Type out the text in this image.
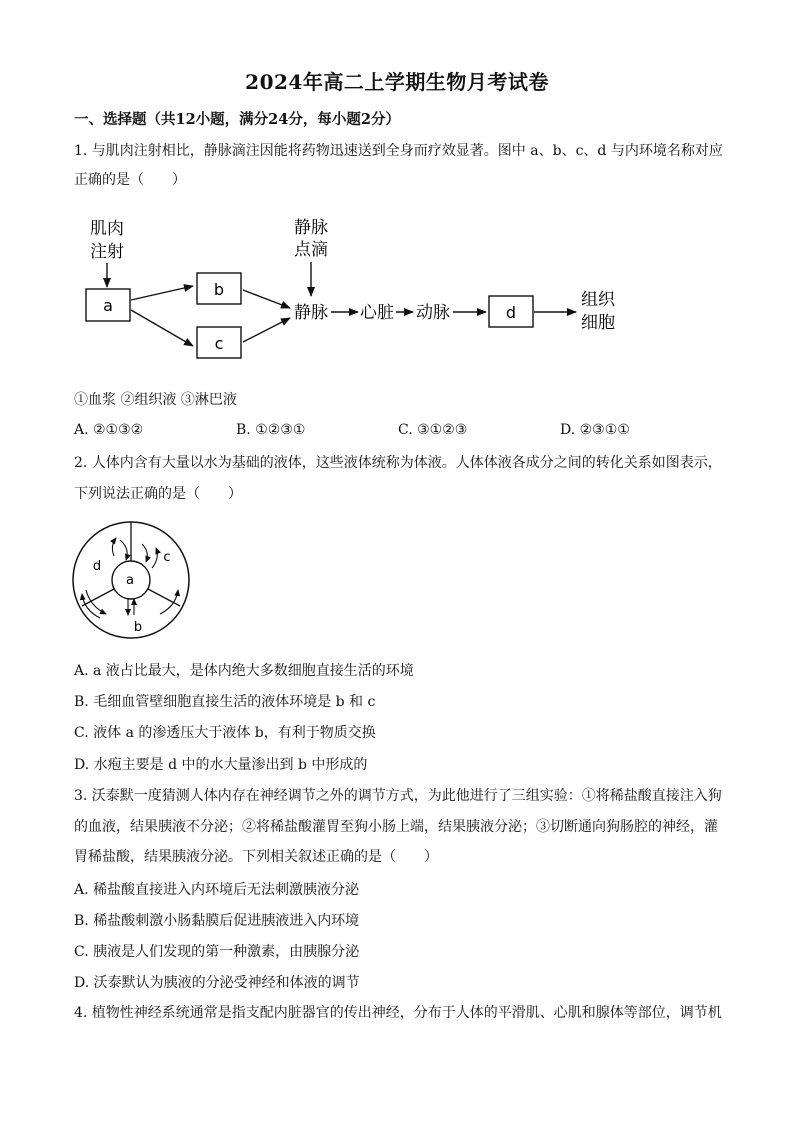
2024年高二上学期生物月考试卷
一、选择题（共12小题，满分24分，每小题2分）
1. 与肌肉注射相比，静脉滴注因能将药物迅速送到全身而疗效显著。图中 a、b、c、d 与内环境名称对应
正确的是（　　）
肌肉
注射
a
b
c
静脉
点滴
静脉 心脏 动脉	d
组织
细胞
①血浆 ②组织液 ③淋巴液
A. ②①③②	B. ①②③①	C. ③①②③	D. ②③①①
2. 人体内含有大量以水为基础的液体，这些液体统称为体液。人体体液各成分之间的转化关系如图表示，
下列说法正确的是（　　）
a
b
c
d
A. a 液占比最大，是体内绝大多数细胞直接生活的环境
B. 毛细血管壁细胞直接生活的液体环境是 b 和 c
C. 液体 a 的渗透压大于液体 b，有利于物质交换
D. 水疱主要是 d 中的水大量渗出到 b 中形成的
3. 沃泰默一度猜测人体内存在神经调节之外的调节方式，为此他进行了三组实验：①将稀盐酸直接注入狗
的血液，结果胰液不分泌；②将稀盐酸灌胃至狗小肠上端，结果胰液分泌；③切断通向狗肠腔的神经，灌
胃稀盐酸，结果胰液分泌。下列相关叙述正确的是（　　）
A. 稀盐酸直接进入内环境后无法刺激胰液分泌
B. 稀盐酸刺激小肠黏膜后促进胰液进入内环境
C. 胰液是人们发现的第一种激素，由胰腺分泌
D. 沃泰默认为胰液的分泌受神经和体液的调节
4. 植物性神经系统通常是指支配内脏器官的传出神经，分布于人体的平滑肌、心肌和腺体等部位，调节机
